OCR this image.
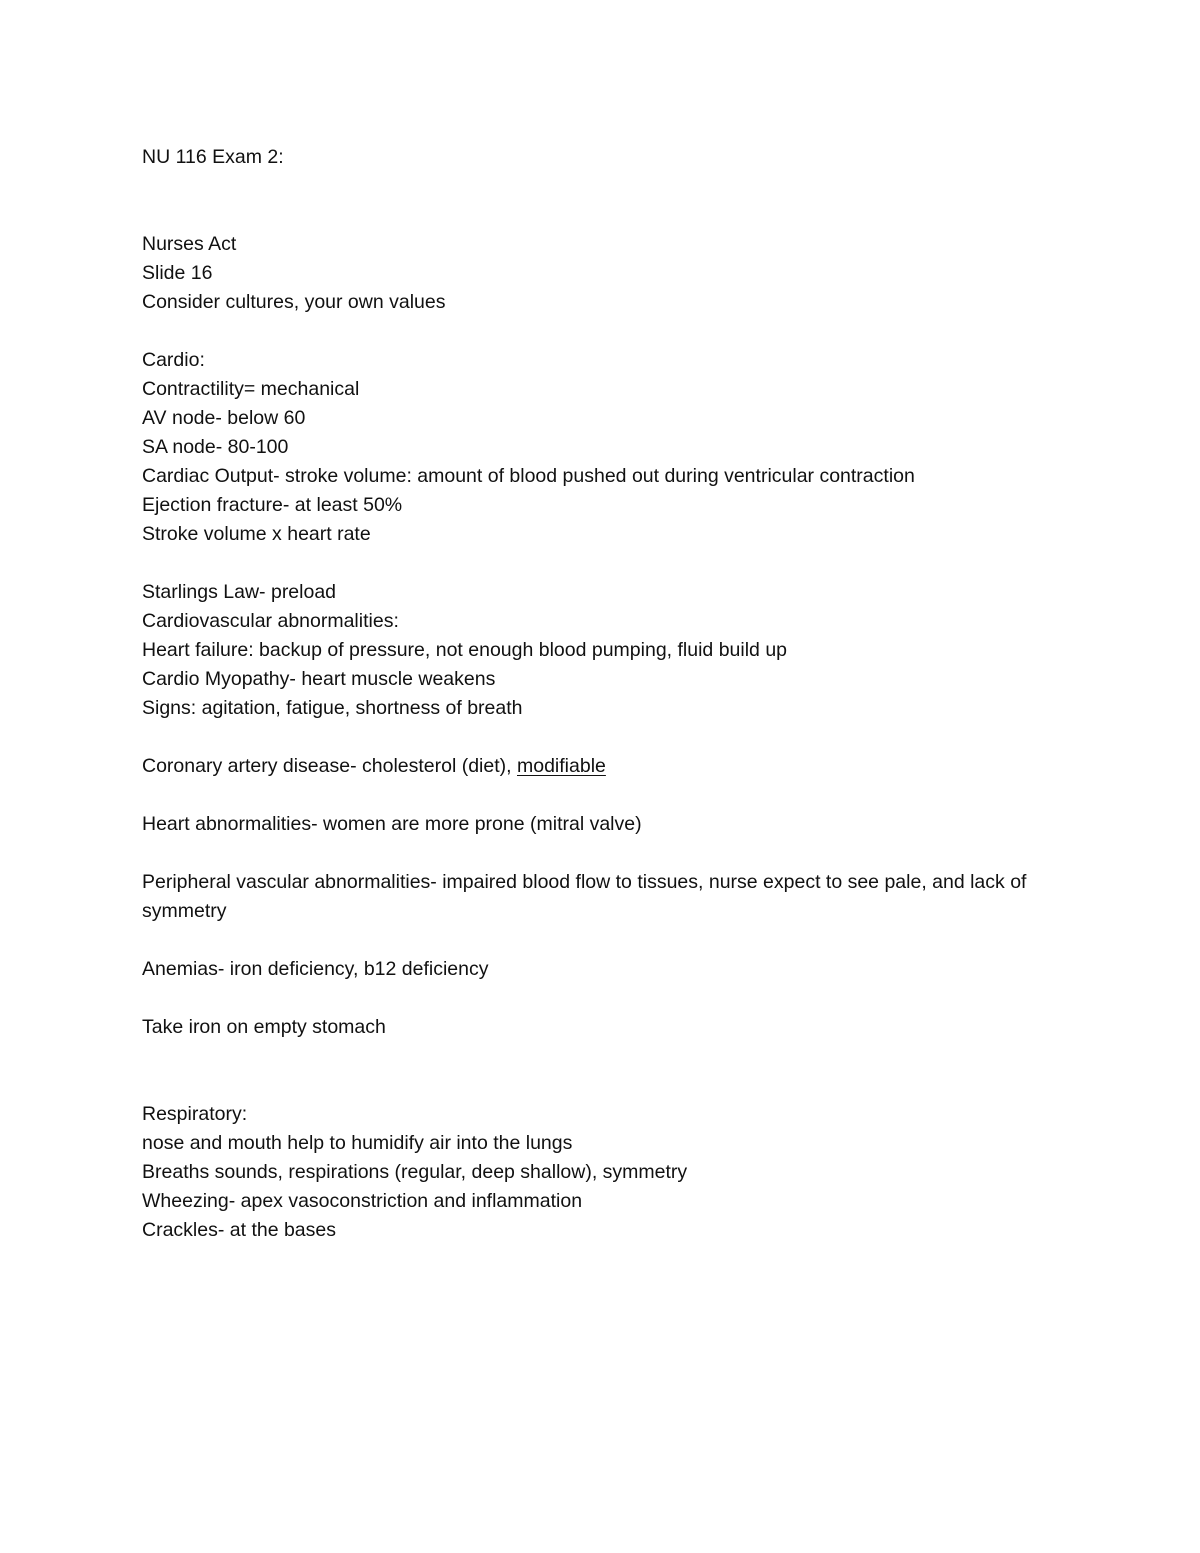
NU 116 Exam 2:

Nurses Act

Slide 16

Consider cultures, your own values

Cardio:

Contractility= mechanical

AV node- below 60

SA node- 80-100

Cardiac Output- stroke volume: amount of blood pushed out during ventricular contraction

Ejection fracture- at least 50%

Stroke volume x heart rate

Starlings Law- preload

Cardiovascular abnormalities:

Heart failure: backup of pressure, not enough blood pumping, fluid build up

Cardio Myopathy- heart muscle weakens

Signs: agitation, fatigue, shortness of breath

Coronary artery disease- cholesterol (diet), modifiable

Heart abnormalities- women are more prone (mitral valve)

Peripheral vascular abnormalities- impaired blood flow to tissues, nurse expect to see pale, and lack of symmetry

Anemias- iron deficiency, b12 deficiency

Take iron on empty stomach

Respiratory:

nose and mouth help to humidify air into the lungs

Breaths sounds, respirations (regular, deep shallow), symmetry

Wheezing- apex vasoconstriction and inflammation

Crackles- at the bases
